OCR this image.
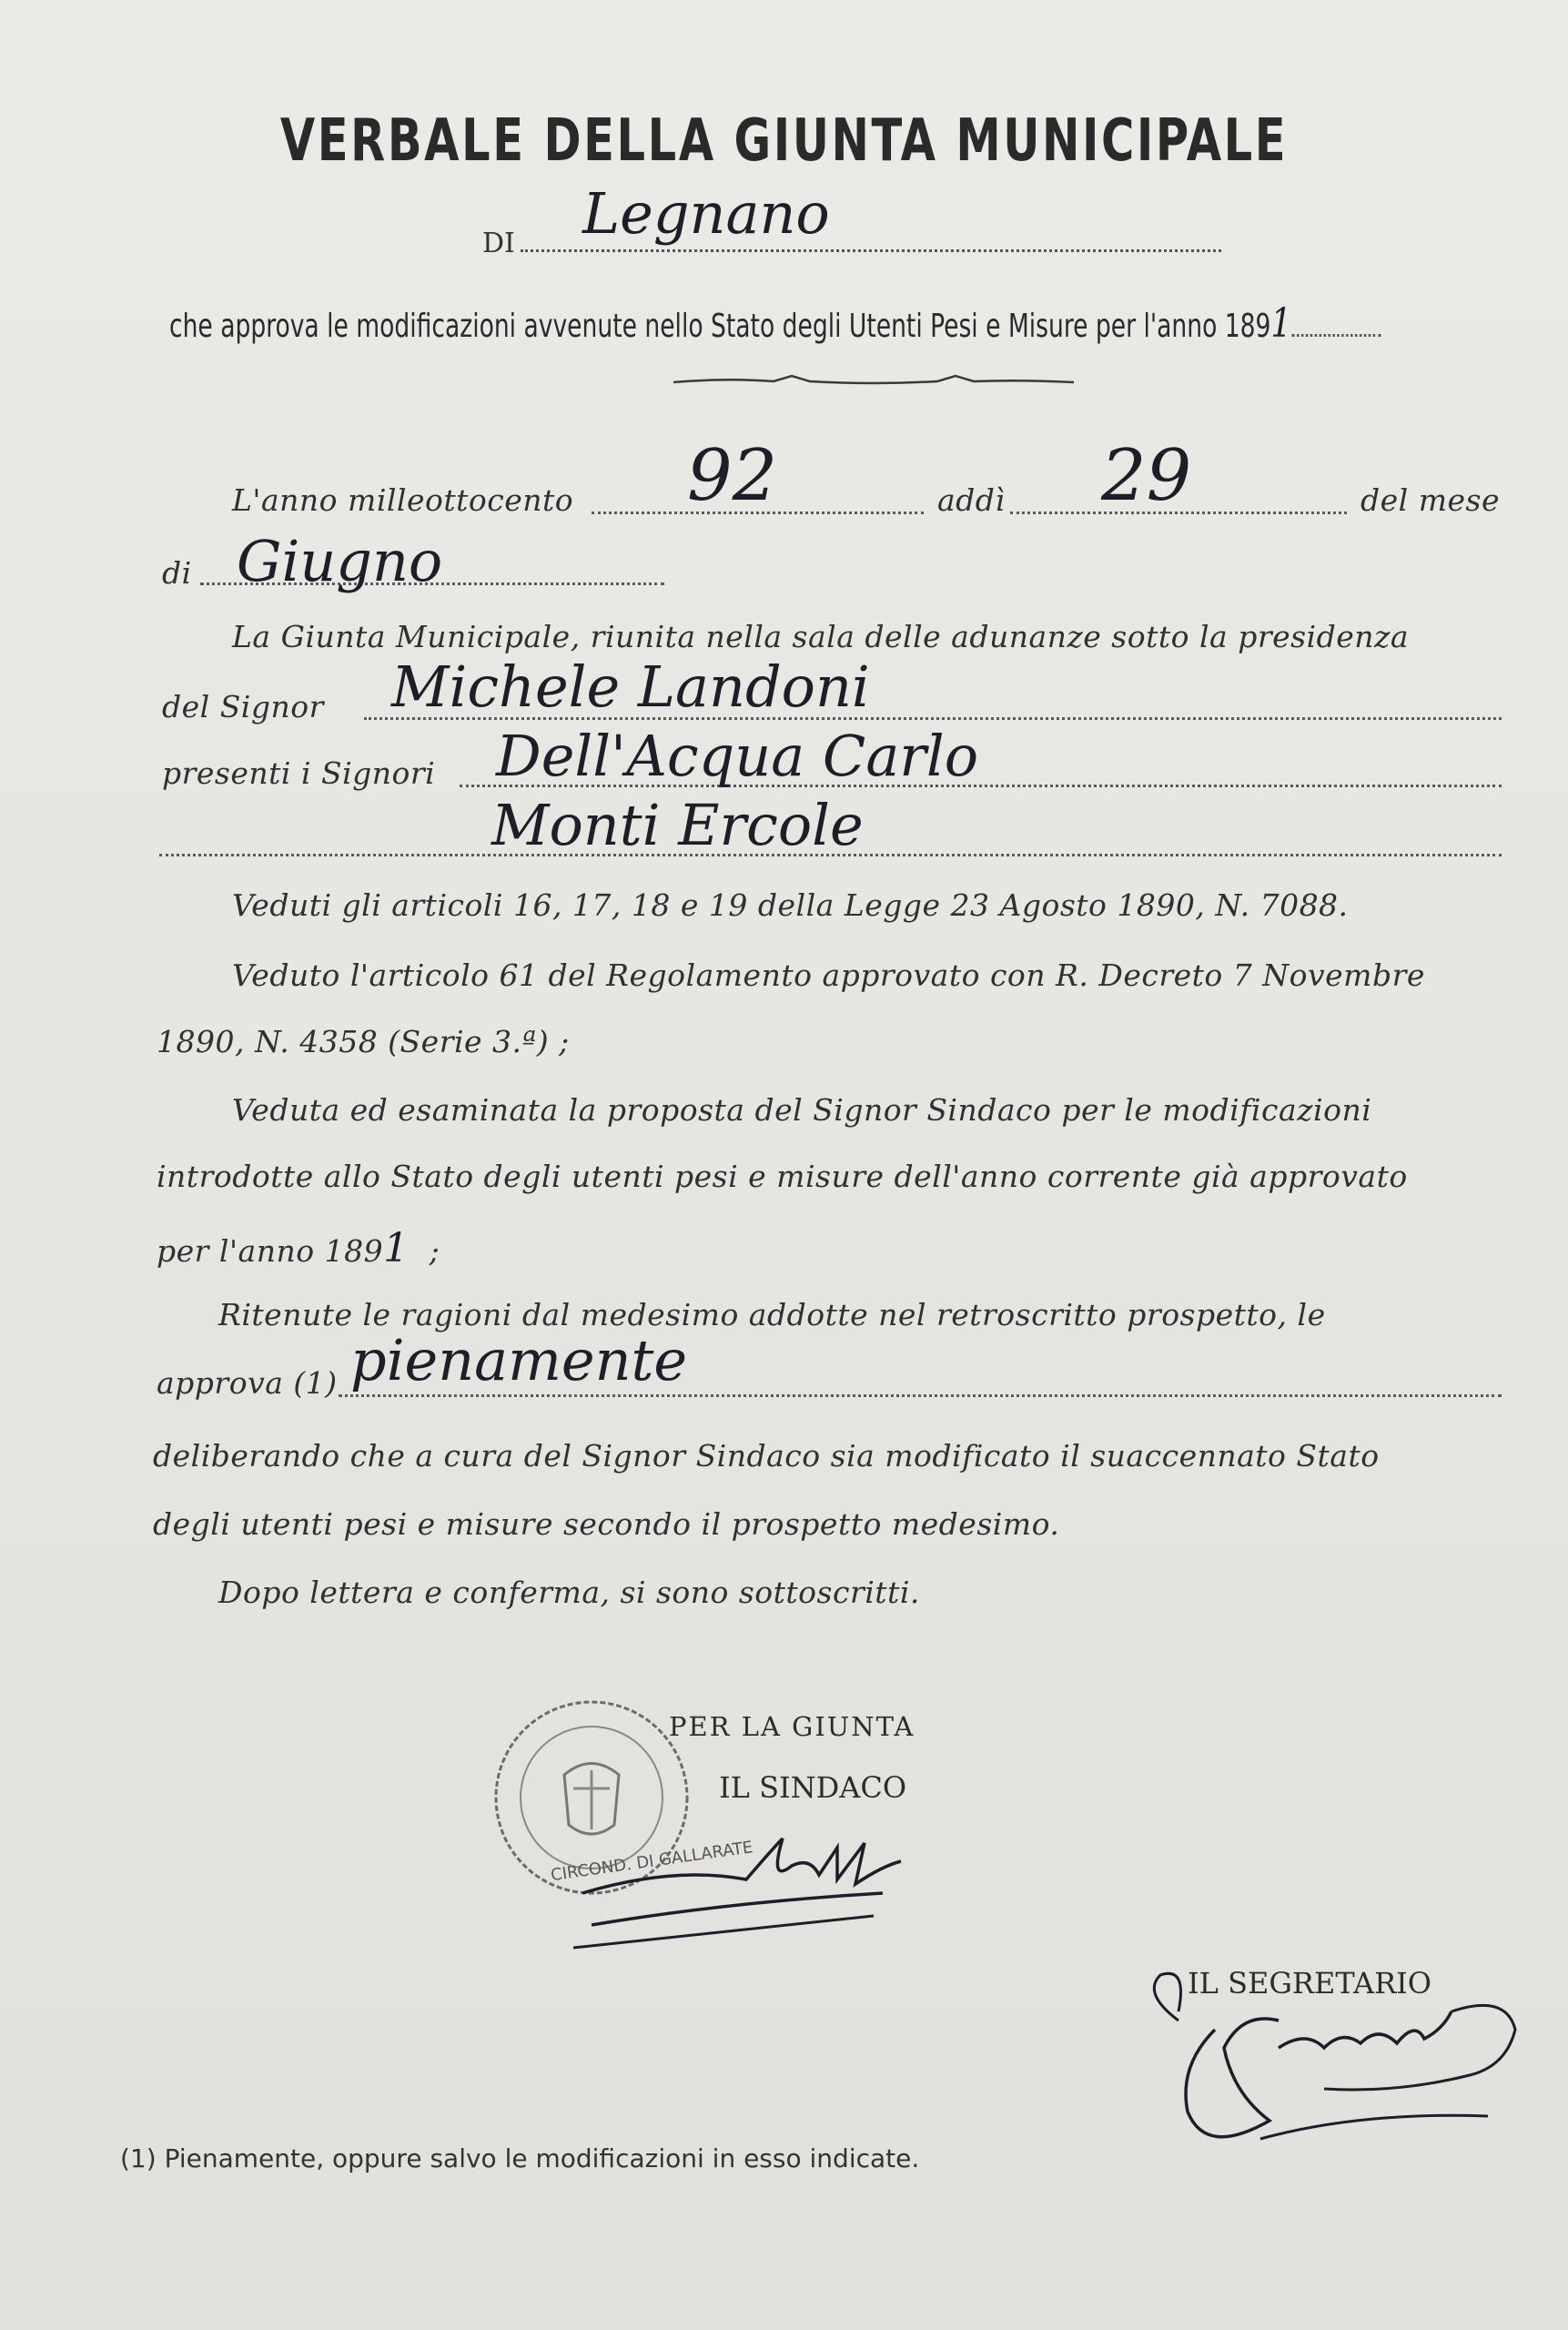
VERBALE DELLA GIUNTA MUNICIPALE
DI	Legnano
che approva le modificazioni avvenute nello Stato degli Utenti Pesi e Misure per l'anno 1891
L'anno milleottocento 92	addì 29	del mese
di Giugno
La Giunta Municipale, riunita nella sala delle adunanze sotto la presidenza
del Signor Michele Landoni
presenti i Signori Dell'Acqua Carlo
Monti Ercole
Veduti gli articoli 16, 17, 18 e 19 della Legge 23 Agosto 1890, N. 7088.
Veduto l'articolo 61 del Regolamento approvato con R. Decreto 7 Novembre
1890, N. 4358 (Serie 3.ª) ;
Veduta ed esaminata la proposta del Signor Sindaco per le modificazioni
introdotte allo Stato degli utenti pesi e misure dell'anno corrente già approvato
per l'anno 1891 ;
Ritenute le ragioni dal medesimo addotte nel retroscritto prospetto, le
approva (1) pienamente
deliberando che a cura del Signor Sindaco sia modificato il suaccennato Stato
degli utenti pesi e misure secondo il prospetto medesimo.
Dopo lettera e conferma, si sono sottoscritti.
CIRCOND. DI GALLARATE
PER LA GIUNTA
IL SINDACO
IL SEGRETARIO
(1) Pienamente, oppure salvo le modificazioni in esso indicate.
